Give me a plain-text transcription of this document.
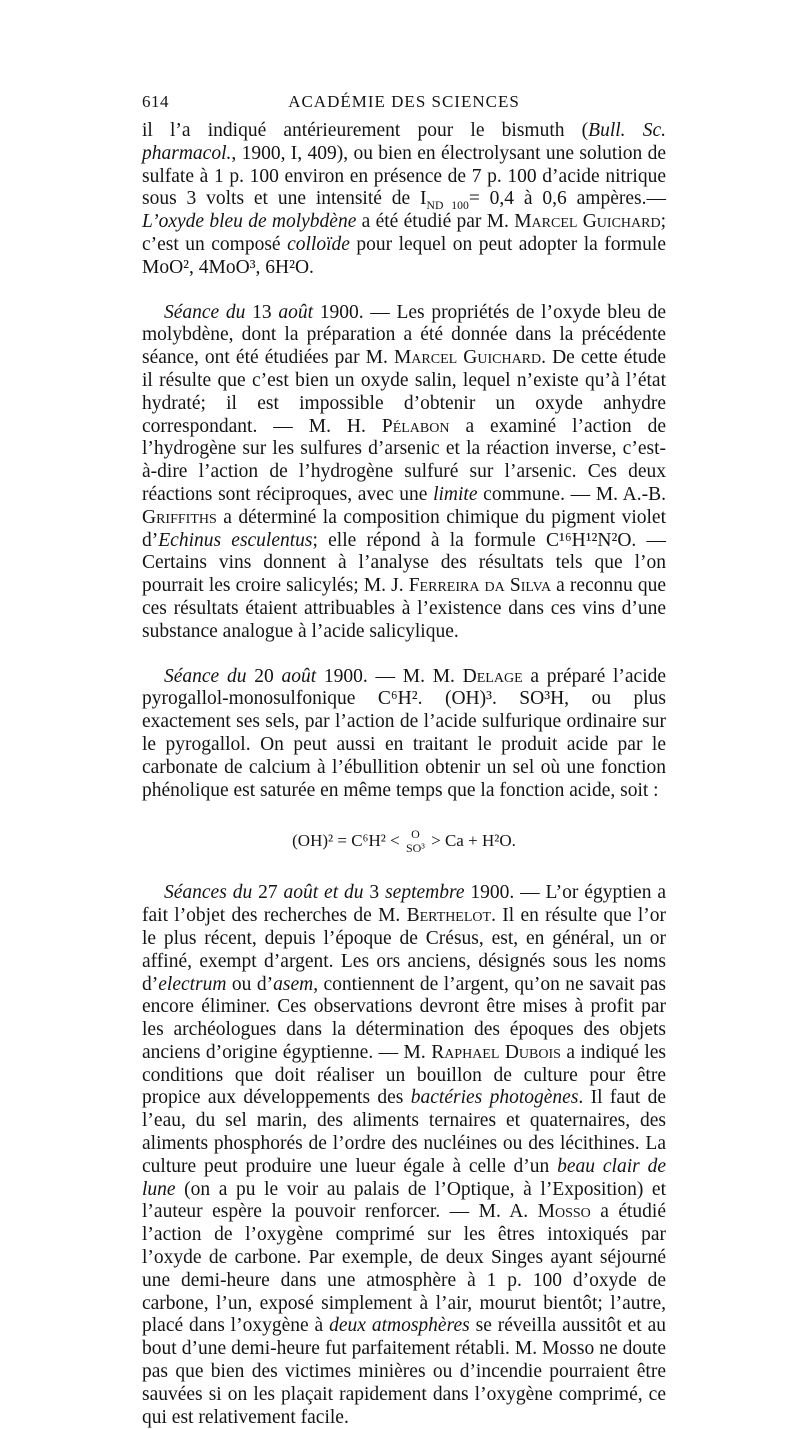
614	ACADÉMIE DES SCIENCES

il l’a indiqué antérieurement pour le bismuth (Bull. Sc. pharmacol., 1900, I, 409), ou bien en électrolysant une solution de sulfate à 1 p. 100 environ en présence de 7 p. 100 d’acide nitrique sous 3 volts et une intensité de $I_{ND 100}= 0,4$ à 0,6 ampères.— L’oxyde bleu de molybdène a été étudié par M. Marcel Guichard; c’est un composé colloïde pour lequel on peut adopter la formule MoO², 4MoO³, 6H²O.

Séance du 13 août 1900. — Les propriétés de l’oxyde bleu de molybdène, dont la préparation a été donnée dans la précédente séance, ont été étudiées par M. Marcel Guichard. De cette étude il résulte que c’est bien un oxyde salin, lequel n’existe qu’à l’état hydraté; il est impossible d’obtenir un oxyde anhydre correspondant. — M. H. Pélabon a examiné l’action de l’hydrogène sur les sulfures d’arsenic et la réaction inverse, c’est-à-dire l’action de l’hydrogène sulfuré sur l’arsenic. Ces deux réactions sont réciproques, avec une limite commune. — M. A.-B. Griffiths a déterminé la composition chimique du pigment violet d’Echinus esculentus; elle répond à la formule C¹⁶H¹²N²O. — Certains vins donnent à l’analyse des résultats tels que l’on pourrait les croire salicylés; M. J. Ferreira da Silva a reconnu que ces résultats étaient attribuables à l’existence dans ces vins d’une substance analogue à l’acide salicylique.

Séance du 20 août 1900. — M. M. Delage a préparé l’acide pyrogallol-monosulfonique C⁶H². (OH)³. SO³H, ou plus exactement ses sels, par l’action de l’acide sulfurique ordinaire sur le pyrogallol. On peut aussi en traitant le produit acide par le carbonate de calcium à l’ébullition obtenir un sel où une fonction phénolique est saturée en même temps que la fonction acide, soit :

(OH)² = C⁶H² < O
SO³ > Ca + H²O.

Séances du 27 août et du 3 septembre 1900. — L’or égyptien a fait l’objet des recherches de M. Berthelot. Il en résulte que l’or le plus récent, depuis l’époque de Crésus, est, en général, un or affiné, exempt d’argent. Les ors anciens, désignés sous les noms d’electrum ou d’asem, contiennent de l’argent, qu’on ne savait pas encore éliminer. Ces observations devront être mises à profit par les archéologues dans la détermination des époques des objets anciens d’origine égyptienne. — M. Raphael Dubois a indiqué les conditions que doit réaliser un bouillon de culture pour être propice aux développements des bactéries photogènes. Il faut de l’eau, du sel marin, des aliments ternaires et quaternaires, des aliments phosphorés de l’ordre des nucléines ou des lécithines. La culture peut produire une lueur égale à celle d’un beau clair de lune (on a pu le voir au palais de l’Optique, à l’Exposition) et l’auteur espère la pouvoir renforcer. — M. A. Mosso a étudié l’action de l’oxygène comprimé sur les êtres intoxiqués par l’oxyde de carbone. Par exemple, de deux Singes ayant séjourné une demi-heure dans une atmosphère à 1 p. 100 d’oxyde de carbone, l’un, exposé simplement à l’air, mourut bientôt; l’autre, placé dans l’oxygène à deux atmosphères se réveilla aussitôt et au bout d’une demi-heure fut parfaitement rétabli. M. Mosso ne doute pas que bien des victimes minières ou d’incendie pourraient être sauvées si on les plaçait rapidement dans l’oxygène comprimé, ce qui est relativement facile.
